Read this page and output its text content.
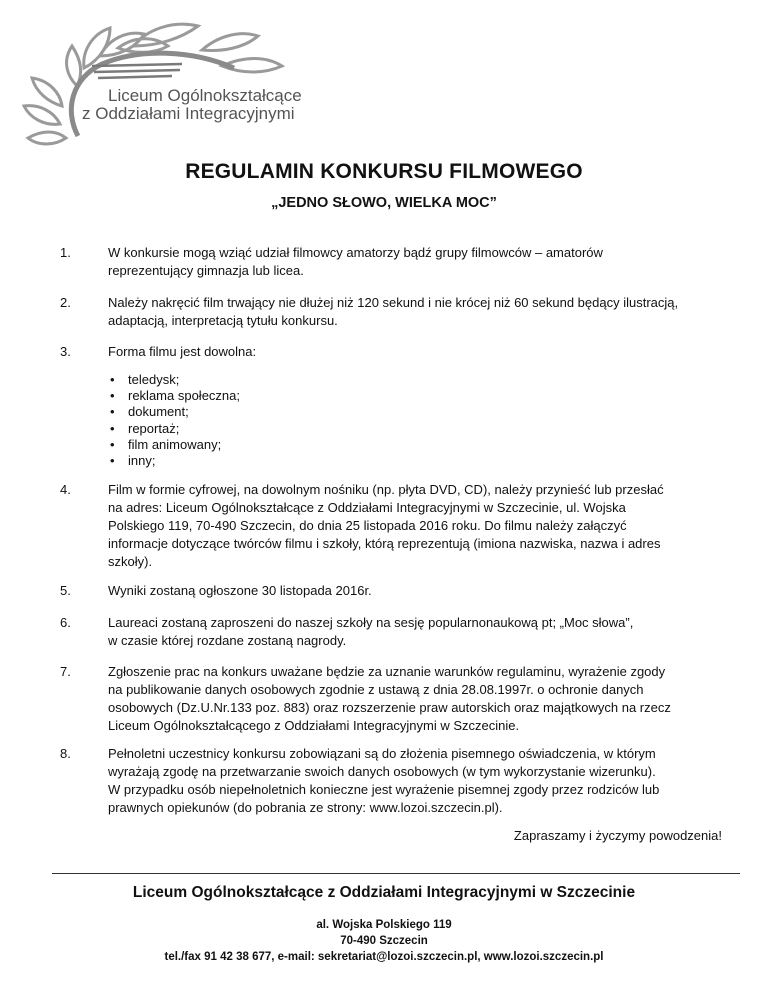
Liceum Ogólnokształcące
z Oddziałami Integracyjnymi
REGULAMIN KONKURSU FILMOWEGO
„JEDNO SŁOWO, WIELKA MOC”
1.	W konkursie mogą wziąć udział filmowcy amatorzy bądź grupy filmowców – amatorów
reprezentujący gimnazja lub licea.
2.	Należy nakręcić film trwający nie dłużej niż 120 sekund i nie krócej niż 60 sekund będący ilustracją,
adaptacją, interpretacją tytułu konkursu.
3.	Forma filmu jest dowolna:
• teledysk;
• reklama społeczna;
• dokument;
• reportaż;
• film animowany;
• inny;
4.	Film w formie cyfrowej, na dowolnym nośniku (np. płyta DVD, CD), należy przynieść lub przesłać
na adres: Liceum Ogólnokształcące z Oddziałami Integracyjnymi w Szczecinie, ul. Wojska
Polskiego 119, 70-490 Szczecin, do dnia 25 listopada 2016 roku. Do filmu należy załączyć
informacje dotyczące twórców filmu i szkoły, którą reprezentują (imiona nazwiska, nazwa i adres
szkoły).
5.	Wyniki zostaną ogłoszone 30 listopada 2016r.
6.	Laureaci zostaną zaproszeni do naszej szkoły na sesję popularnonaukową pt; „Moc słowa”,
w czasie której rozdane zostaną nagrody.
7.	Zgłoszenie prac na konkurs uważane będzie za uznanie warunków regulaminu, wyrażenie zgody
na publikowanie danych osobowych zgodnie z ustawą z dnia 28.08.1997r. o ochronie danych
osobowych (Dz.U.Nr.133 poz. 883) oraz rozszerzenie praw autorskich oraz majątkowych na rzecz
Liceum Ogólnokształcącego z Oddziałami Integracyjnymi w Szczecinie.
8.	Pełnoletni uczestnicy konkursu zobowiązani są do złożenia pisemnego oświadczenia, w którym
wyrażają zgodę na przetwarzanie swoich danych osobowych (w tym wykorzystanie wizerunku).
W przypadku osób niepełnoletnich konieczne jest wyrażenie pisemnej zgody przez rodziców lub
prawnych opiekunów (do pobrania ze strony: www.lozoi.szczecin.pl).
Zapraszamy i życzymy powodzenia!
Liceum Ogólnokształcące z Oddziałami Integracyjnymi w Szczecinie
al. Wojska Polskiego 119
70-490 Szczecin
tel./fax 91 42 38 677, e-mail: sekretariat@lozoi.szczecin.pl, www.lozoi.szczecin.pl
